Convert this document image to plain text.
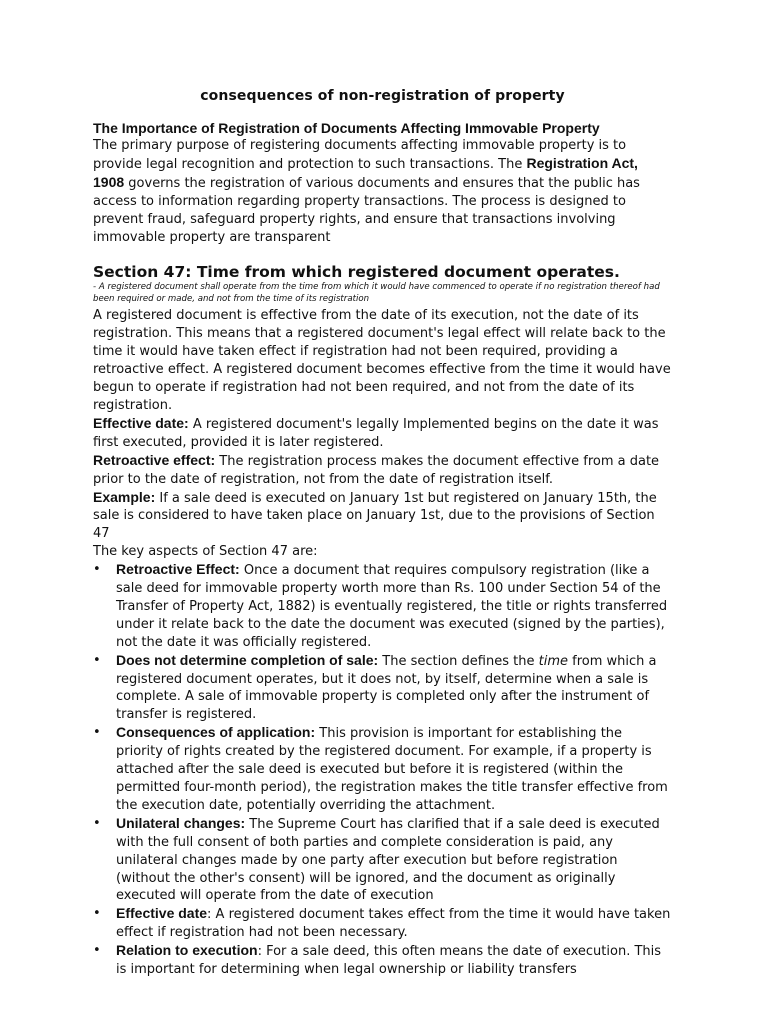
consequences of non-registration of property
The Importance of Registration of Documents Affecting Immovable Property

The primary purpose of registering documents affecting immovable property is to provide legal recognition and protection to such transactions. The Registration Act, 1908 governs the registration of various documents and ensures that the public has access to information regarding property transactions. The process is designed to prevent fraud, safeguard property rights, and ensure that transactions involving immovable property are transparent

Section 47: Time from which registered document operates.
- A registered document shall operate from the time from which it would have commenced to operate if no registration thereof had been required or made, and not from the time of its registration

A registered document is effective from the date of its execution, not the date of its registration. This means that a registered document's legal effect will relate back to the time it would have taken effect if registration had not been required, providing a retroactive effect. A registered document becomes effective from the time it would have begun to operate if registration had not been required, and not from the date of its registration.

Effective date: A registered document's legally Implemented begins on the date it was first executed, provided it is later registered.

Retroactive effect: The registration process makes the document effective from a date prior to the date of registration, not from the date of registration itself.

Example: If a sale deed is executed on January 1st but registered on January 15th, the sale is considered to have taken place on January 1st, due to the provisions of Section 47

The key aspects of Section 47 are:

• Retroactive Effect: Once a document that requires compulsory registration (like a sale deed for immovable property worth more than Rs. 100 under Section 54 of the Transfer of Property Act, 1882) is eventually registered, the title or rights transferred under it relate back to the date the document was executed (signed by the parties), not the date it was officially registered.
• Does not determine completion of sale: The section defines the time from which a registered document operates, but it does not, by itself, determine when a sale is complete. A sale of immovable property is completed only after the instrument of transfer is registered.
• Consequences of application: This provision is important for establishing the priority of rights created by the registered document. For example, if a property is attached after the sale deed is executed but before it is registered (within the permitted four-month period), the registration makes the title transfer effective from the execution date, potentially overriding the attachment.
• Unilateral changes: The Supreme Court has clarified that if a sale deed is executed with the full consent of both parties and complete consideration is paid, any unilateral changes made by one party after execution but before registration (without the other's consent) will be ignored, and the document as originally executed will operate from the date of execution
• Effective date: A registered document takes effect from the time it would have taken effect if registration had not been necessary.
• Relation to execution: For a sale deed, this often means the date of execution. This is important for determining when legal ownership or liability transfers
